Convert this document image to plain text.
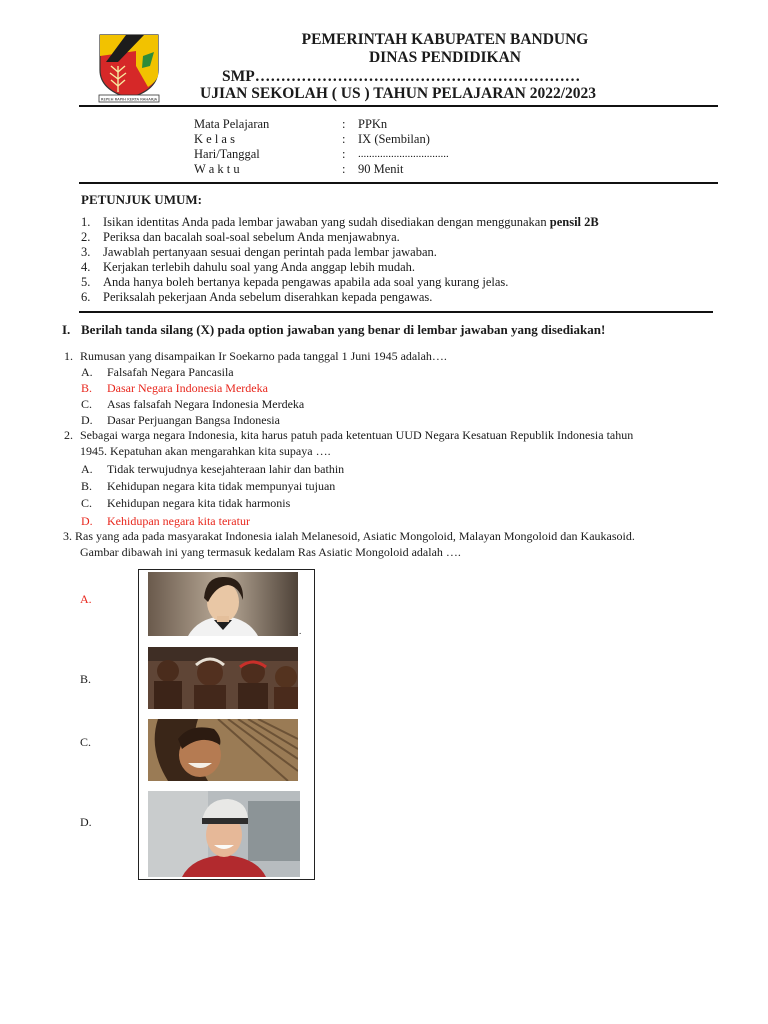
REPEH RAPIH KERTA RAHARJA
PEMERINTAH KABUPATEN BANDUNG
DINAS PENDIDIKAN
SMP………………………………………………………
UJIAN SEKOLAH ( US ) TAHUN PELAJARAN 2022/2023
Mata Pelajaran	: PPKn
K e l a s	: IX (Sembilan)
Hari/Tanggal	: .................................
W a k t u	: 90 Menit
PETUNJUK UMUM:
1. Isikan identitas Anda pada lembar jawaban yang sudah disediakan dengan menggunakan pensil 2B
2. Periksa dan bacalah soal-soal sebelum Anda menjawabnya.
3. Jawablah pertanyaan sesuai dengan perintah pada lembar jawaban.
4. Kerjakan terlebih dahulu soal yang Anda anggap lebih mudah.
5. Anda hanya boleh bertanya kepada pengawas apabila ada soal yang kurang jelas.
6. Periksalah pekerjaan Anda sebelum diserahkan kepada pengawas.
I. Berilah tanda silang (X) pada option jawaban yang benar di lembar jawaban yang disediakan!
1. Rumusan yang disampaikan Ir Soekarno pada tanggal 1 Juni 1945 adalah….
A. Falsafah Negara Pancasila
B. Dasar Negara Indonesia Merdeka
C. Asas falsafah Negara Indonesia Merdeka
D. Dasar Perjuangan Bangsa Indonesia
2. Sebagai warga negara Indonesia, kita harus patuh pada ketentuan UUD Negara Kesatuan Republik Indonesia tahun
1945. Kepatuhan akan mengarahkan kita supaya ….
A. Tidak terwujudnya kesejahteraan lahir dan bathin
B. Kehidupan negara kita tidak mempunyai tujuan
C. Kehidupan negara kita tidak harmonis
D. Kehidupan negara kita teratur
3. Ras yang ada pada masyarakat Indonesia ialah Melanesoid, Asiatic Mongoloid, Malayan Mongoloid dan Kaukasoid.
Gambar dibawah ini yang termasuk kedalam Ras Asiatic Mongoloid adalah ….
A.
B.
C.
D.
.
